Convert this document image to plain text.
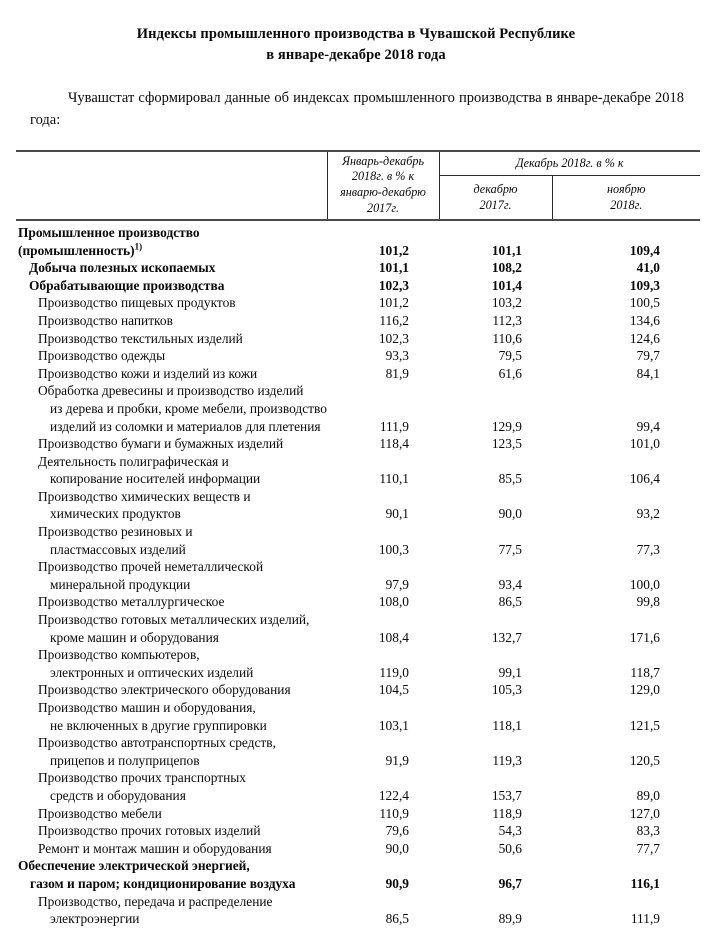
Индексы промышленного производства в Чувашской Республике
в январе-декабре 2018 года

Чувашстат сформировал данные об индексах промышленного производства в январе-декабре 2018 года:

	Январь-декабрь
2018г. в % к
январю-декабрю
2017г.	Декабрь 2018г. в % к	
		декабрю
2017г.	ноябрю
2018г.

Промышленное производство
(промышленность)$^{1)}$	101,2	101,1	109,4
Добыча полезных ископаемых	101,1	108,2	41,0
Обрабатывающие производства	102,3	101,4	109,3
Производство пищевых продуктов	101,2	103,2	100,5
Производство напитков	116,2	112,3	134,6
Производство текстильных изделий	102,3	110,6	124,6
Производство одежды	93,3	79,5	79,7
Производство кожи и изделий из кожи	81,9	61,6	84,1

Обработка древесины и производство изделий
из дерева и пробки, кроме мебели, производство
изделий из соломки и материалов для плетения	111,9	129,9	99,4
Производство бумаги и бумажных изделий	118,4	123,5	101,0

Деятельность полиграфическая и
копирование носителей информации	110,1	85,5	106,4

Производство химических веществ и
химических продуктов	90,1	90,0	93,2

Производство резиновых и
пластмассовых изделий	100,3	77,5	77,3

Производство прочей неметаллической
минеральной продукции	97,9	93,4	100,0
Производство металлургическое	108,0	86,5	99,8

Производство готовых металлических изделий,
кроме машин и оборудования	108,4	132,7	171,6

Производство компьютеров,
электронных и оптических изделий	119,0	99,1	118,7
Производство электрического оборудования	104,5	105,3	129,0

Производство машин и оборудования,
не включенных в другие группировки	103,1	118,1	121,5

Производство автотранспортных средств,
прицепов и полуприцепов	91,9	119,3	120,5

Производство прочих транспортных
средств и оборудования	122,4	153,7	89,0
Производство мебели	110,9	118,9	127,0
Производство прочих готовых изделий	79,6	54,3	83,3
Ремонт и монтаж машин и оборудования	90,0	50,6	77,7

Обеспечение электрической энергией,
газом и паром; кондиционирование воздуха	90,9	96,7	116,1

Производство, передача и распределение
электроэнергии	86,5	89,9	111,9
